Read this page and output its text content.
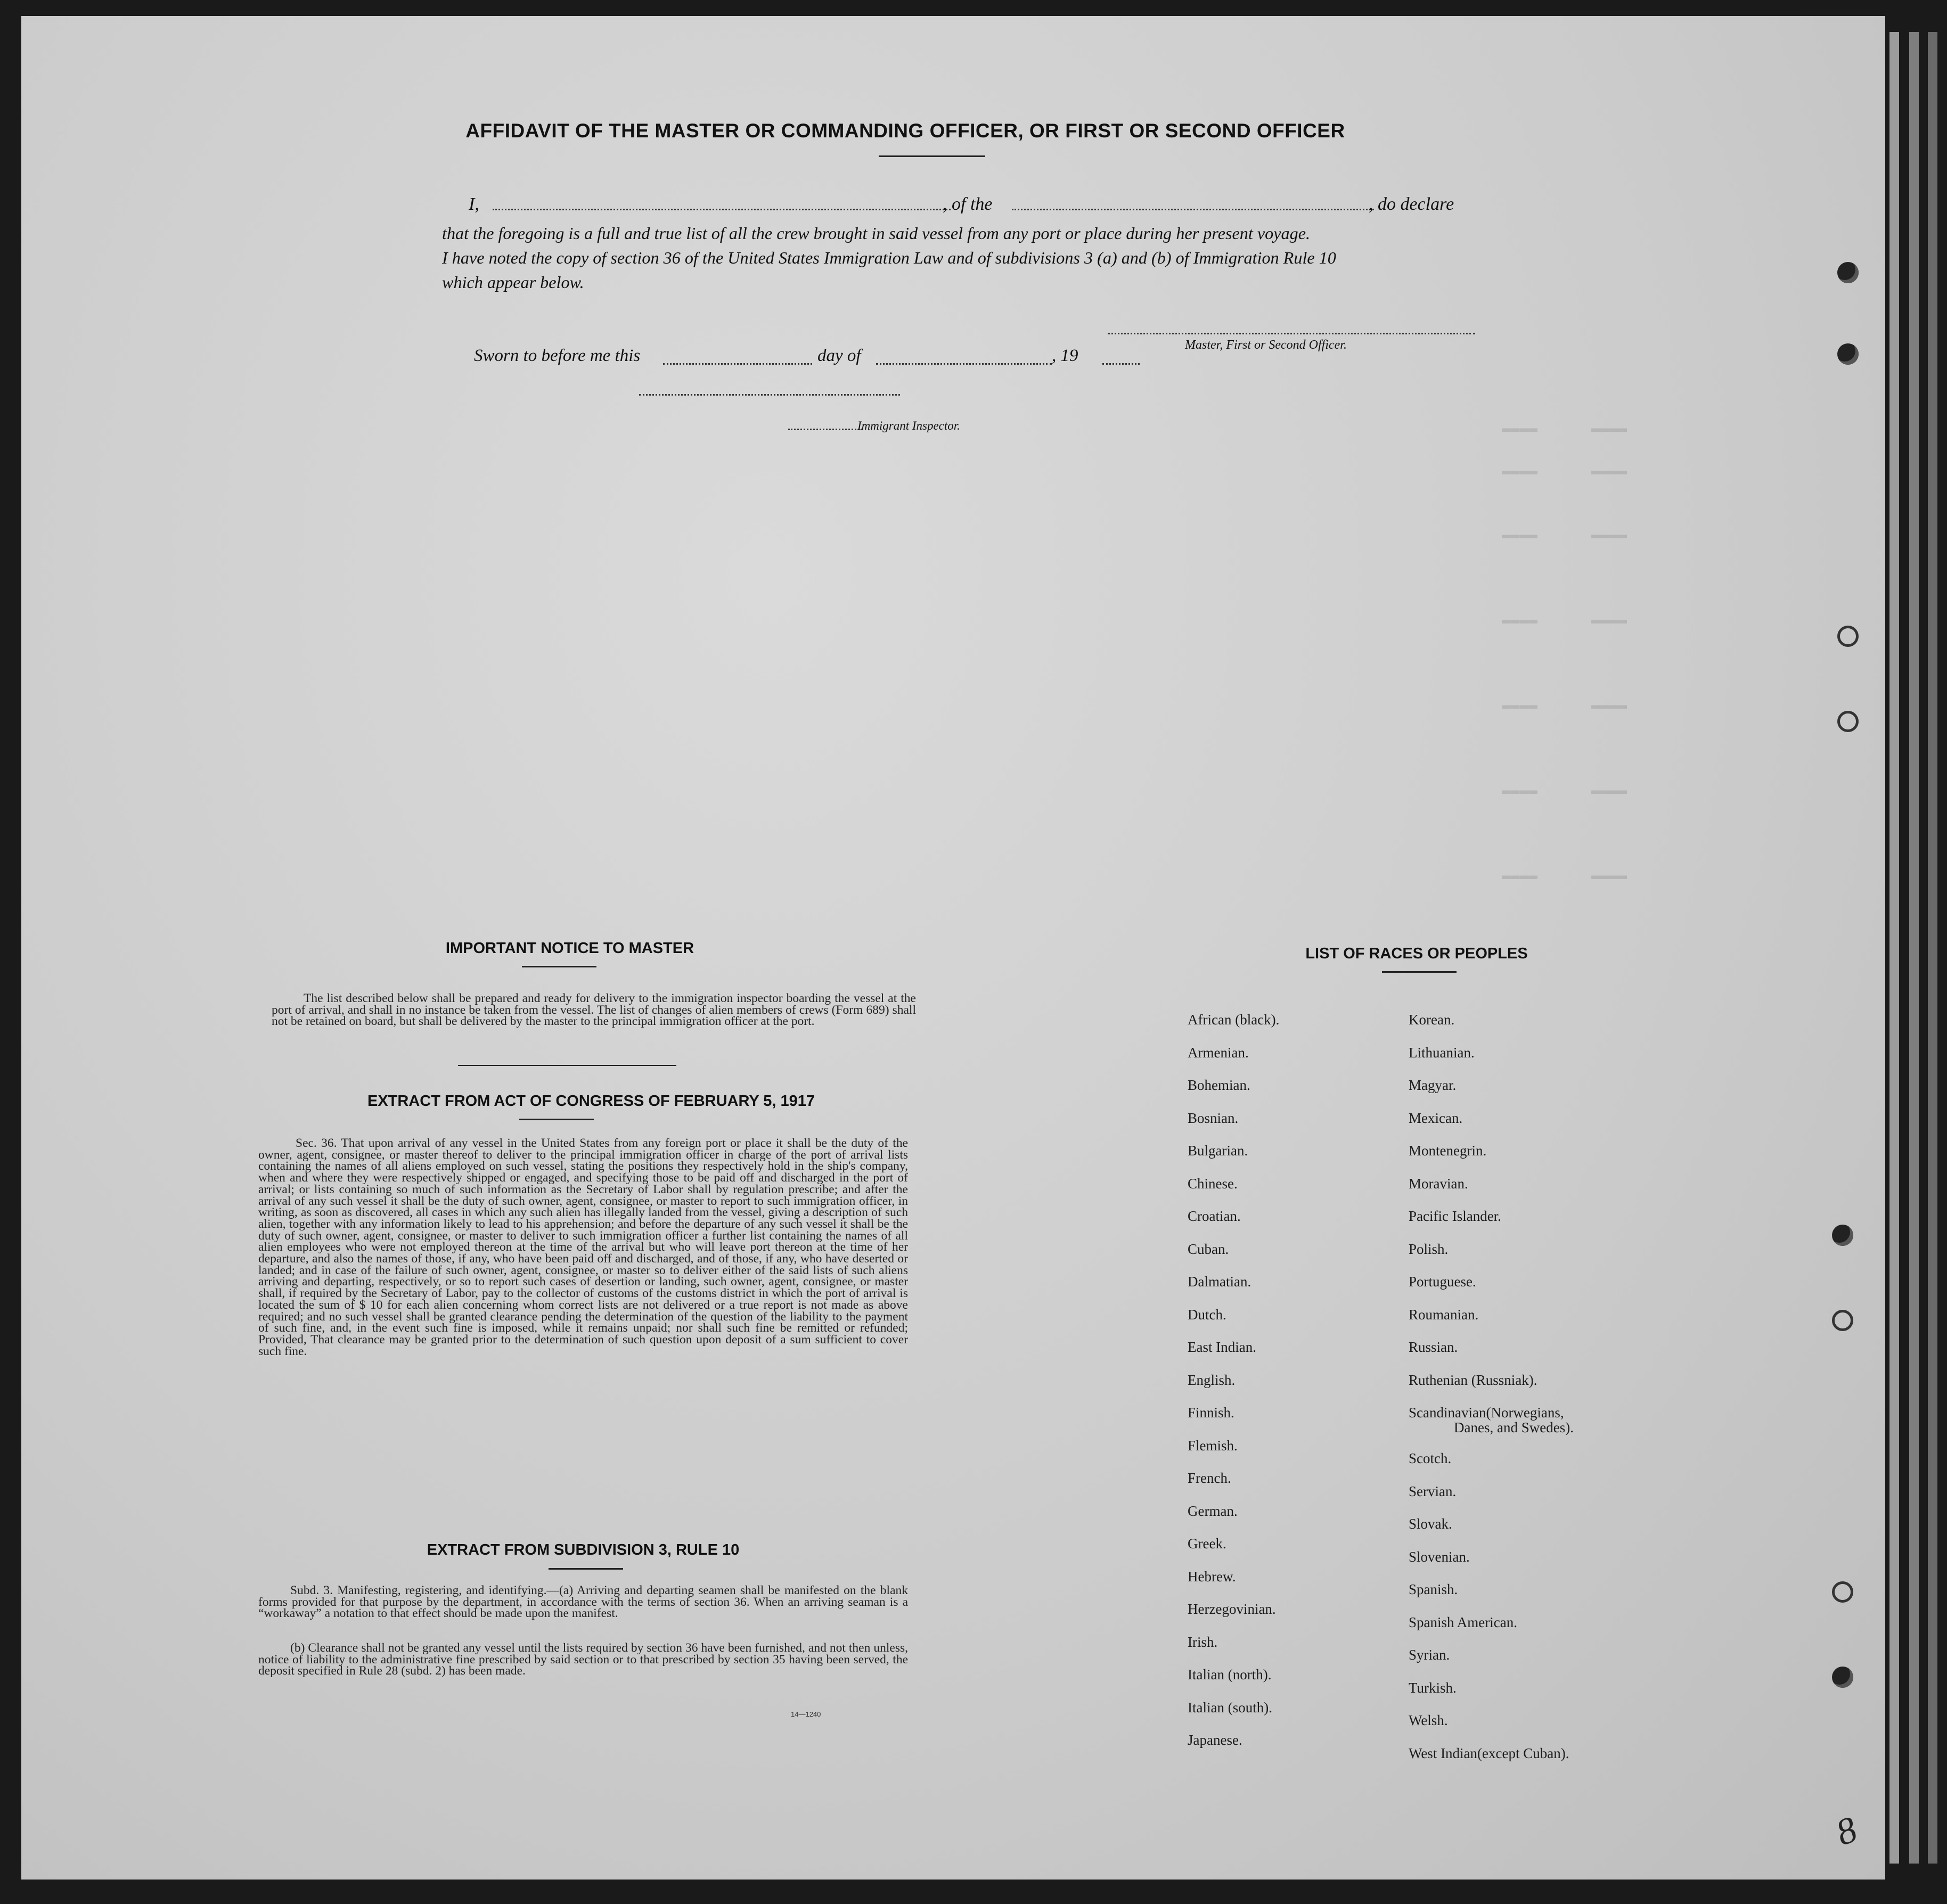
▬▬▬▬      ▬▬▬▬
▬▬▬▬      ▬▬▬▬
▬▬▬▬      ▬▬▬▬
▬▬▬▬      ▬▬▬▬
▬▬▬▬      ▬▬▬▬
▬▬▬▬      ▬▬▬▬
▬▬▬▬      ▬▬▬▬
AFFIDAVIT OF THE MASTER OR COMMANDING OFFICER, OR FIRST OR SECOND OFFICER
I,	, of the	, do declare
that the foregoing is a full and true list of all the crew brought in said vessel from any port or place during her present voyage.
I have noted the copy of section 36 of the United States Immigration Law and of subdivisions 3 (a) and (b) of Immigration Rule 10
which appear below.
Master, First or Second Officer.
Sworn to before me this	day of	, 19
Immigrant Inspector.
IMPORTANT NOTICE TO MASTER
The list described below shall be prepared and ready for delivery to the immigration inspector boarding the vessel at the port of arrival, and shall in no instance be taken from the vessel. The list of changes of alien members of crews (Form 689) shall not be retained on board, but shall be delivered by the master to the principal immigration officer at the port.
EXTRACT FROM ACT OF CONGRESS OF FEBRUARY 5, 1917
Sec. 36. That upon arrival of any vessel in the United States from any foreign port or place it shall be the duty of the owner, agent, consignee, or master thereof to deliver to the principal immigration officer in charge of the port of arrival lists containing the names of all aliens employed on such vessel, stating the positions they respectively hold in the ship's company, when and where they were respectively shipped or engaged, and specifying those to be paid off and discharged in the port of arrival; or lists containing so much of such information as the Secretary of Labor shall by regulation prescribe; and after the arrival of any such vessel it shall be the duty of such owner, agent, consignee, or master to report to such immigration officer, in writing, as soon as discovered, all cases in which any such alien has illegally landed from the vessel, giving a description of such alien, together with any information likely to lead to his apprehension; and before the departure of any such vessel it shall be the duty of such owner, agent, consignee, or master to deliver to such immigration officer a further list containing the names of all alien employees who were not employed thereon at the time of the arrival but who will leave port thereon at the time of her departure, and also the names of those, if any, who have been paid off and discharged, and of those, if any, who have deserted or landed; and in case of the failure of such owner, agent, consignee, or master so to deliver either of the said lists of such aliens arriving and departing, respectively, or so to report such cases of desertion or landing, such owner, agent, consignee, or master shall, if required by the Secretary of Labor, pay to the collector of customs of the customs district in which the port of arrival is located the sum of $ 10 for each alien concerning whom correct lists are not delivered or a true report is not made as above required; and no such vessel shall be granted clearance pending the determination of the question of the liability to the payment of such fine, and, in the event such fine is imposed, while it remains unpaid; nor shall such fine be remitted or refunded; Provided, That clearance may be granted prior to the determination of such question upon deposit of a sum sufficient to cover such fine.
EXTRACT FROM SUBDIVISION 3, RULE 10
Subd. 3. Manifesting, registering, and identifying.—(a) Arriving and departing seamen shall be manifested on the blank forms provided for that purpose by the department, in accordance with the terms of section 36. When an arriving seaman is a “workaway” a notation to that effect should be made upon the manifest.
(b) Clearance shall not be granted any vessel until the lists required by section 36 have been furnished, and not then unless, notice of liability to the administrative fine prescribed by said section or to that prescribed by section 35 having been served, the deposit specified in Rule 28 (subd. 2) has been made.
14—1240
LIST OF RACES OR PEOPLES
African (black).
Armenian.
Bohemian.
Bosnian.
Bulgarian.
Chinese.
Croatian.
Cuban.
Dalmatian.
Dutch.
East Indian.
English.
Finnish.
Flemish.
French.
German.
Greek.
Hebrew.
Herzegovinian.
Irish.
Italian (north).
Italian (south).
Japanese.
Korean.
Lithuanian.
Magyar.
Mexican.
Montenegrin.
Moravian.
Pacific Islander.
Polish.
Portuguese.
Roumanian.
Russian.
Ruthenian (Russniak).
Scandinavian(Norwegians,
Danes, and Swedes).
Scotch.
Servian.
Slovak.
Slovenian.
Spanish.
Spanish American.
Syrian.
Turkish.
Welsh.
West Indian(except Cuban).
8
